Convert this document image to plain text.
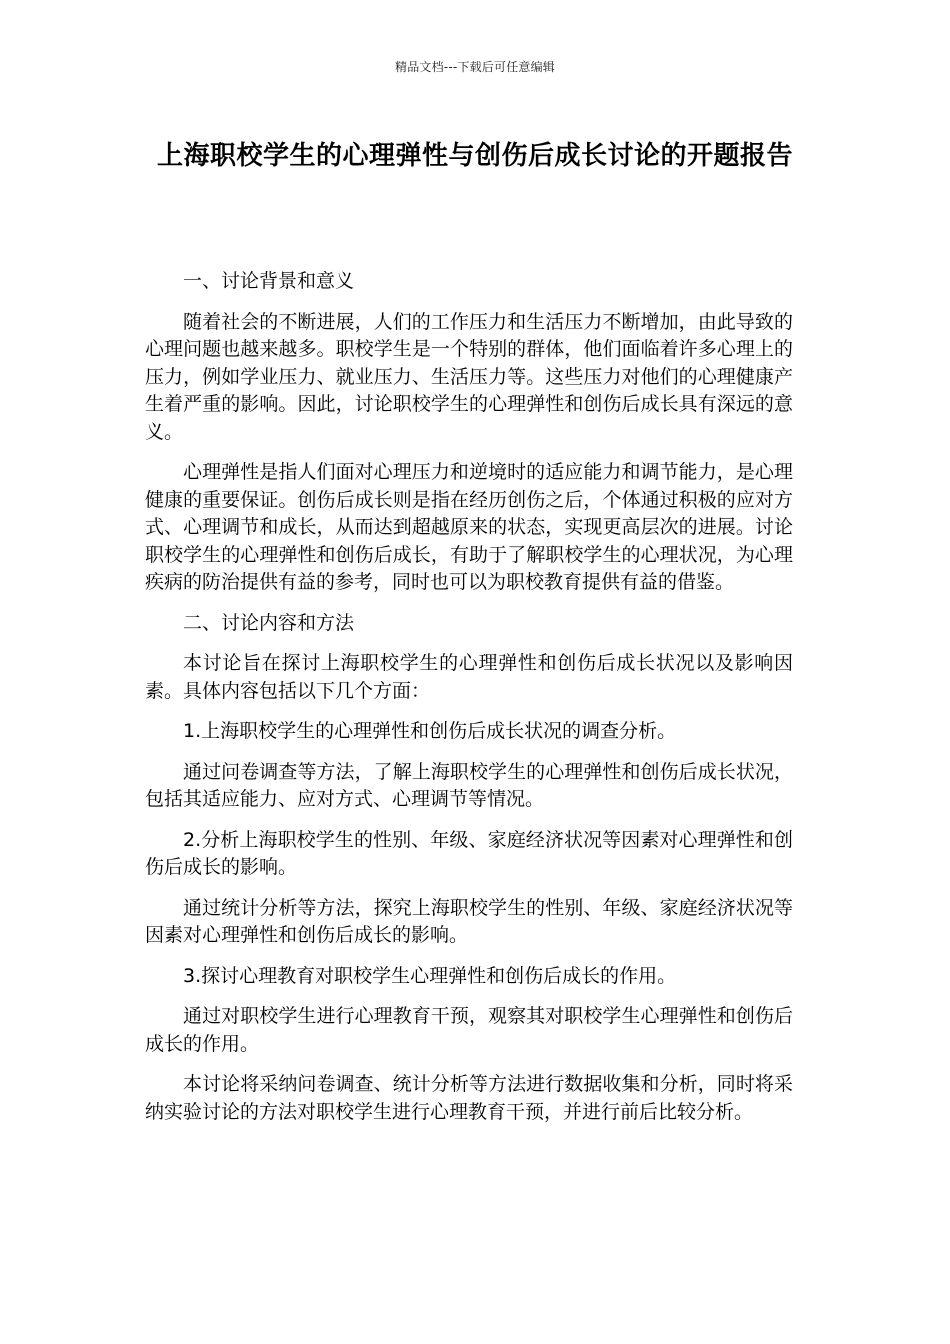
精品文档---下载后可任意编辑
上海职校学生的心理弹性与创伤后成长讨论的开题报告

一、讨论背景和意义

随着社会的不断进展，人们的工作压力和生活压力不断增加，由此导致的心理问题也越来越多。职校学生是一个特别的群体，他们面临着许多心理上的压力，例如学业压力、就业压力、生活压力等。这些压力对他们的心理健康产生着严重的影响。因此，讨论职校学生的心理弹性和创伤后成长具有深远的意义。

心理弹性是指人们面对心理压力和逆境时的适应能力和调节能力，是心理健康的重要保证。创伤后成长则是指在经历创伤之后，个体通过积极的应对方式、心理调节和成长，从而达到超越原来的状态，实现更高层次的进展。讨论职校学生的心理弹性和创伤后成长，有助于了解职校学生的心理状况，为心理疾病的防治提供有益的参考，同时也可以为职校教育提供有益的借鉴。

二、讨论内容和方法

本讨论旨在探讨上海职校学生的心理弹性和创伤后成长状况以及影响因素。具体内容包括以下几个方面：

1.上海职校学生的心理弹性和创伤后成长状况的调查分析。

通过问卷调查等方法，了解上海职校学生的心理弹性和创伤后成长状况，包括其适应能力、应对方式、心理调节等情况。

2.分析上海职校学生的性别、年级、家庭经济状况等因素对心理弹性和创伤后成长的影响。

通过统计分析等方法，探究上海职校学生的性别、年级、家庭经济状况等因素对心理弹性和创伤后成长的影响。

3.探讨心理教育对职校学生心理弹性和创伤后成长的作用。

通过对职校学生进行心理教育干预，观察其对职校学生心理弹性和创伤后成长的作用。

本讨论将采纳问卷调查、统计分析等方法进行数据收集和分析，同时将采纳实验讨论的方法对职校学生进行心理教育干预，并进行前后比较分析。
